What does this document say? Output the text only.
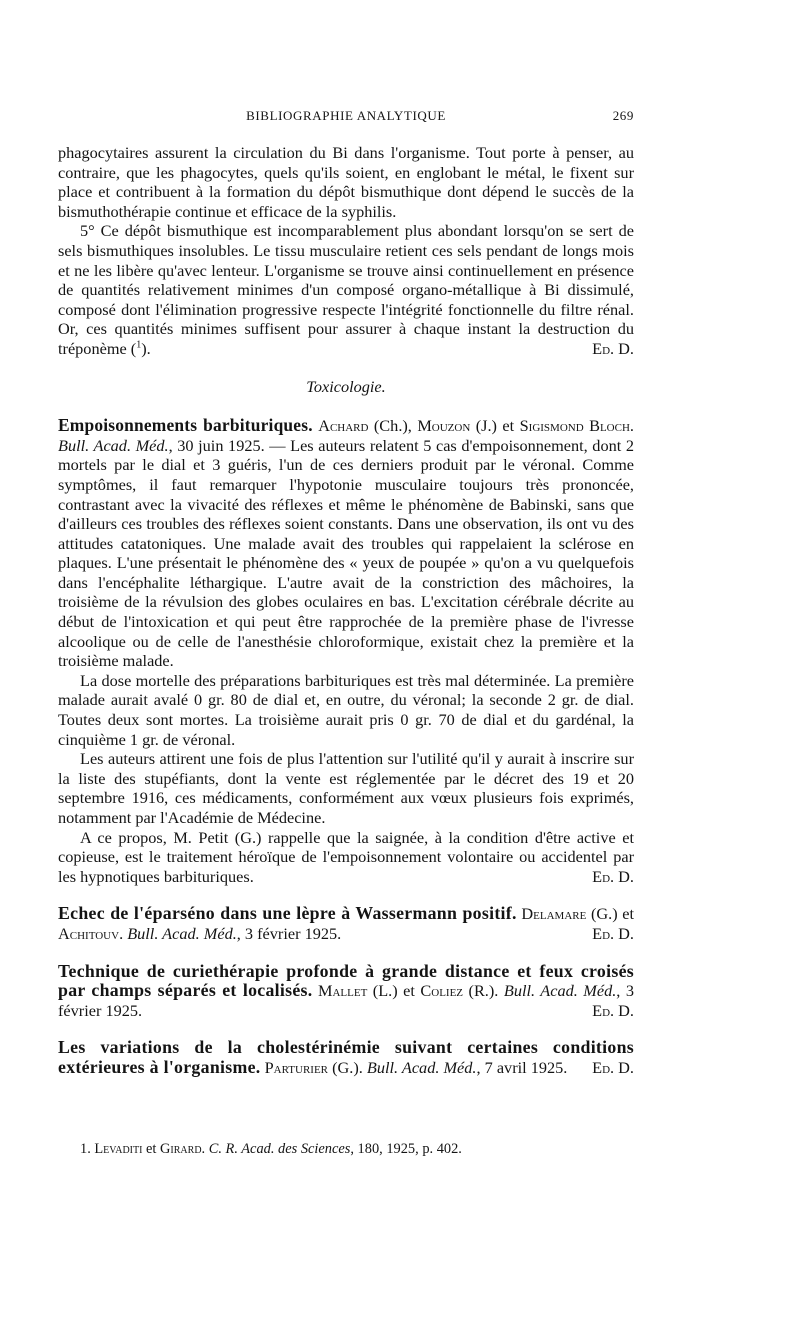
BIBLIOGRAPHIE ANALYTIQUE	269

phagocytaires assurent la circulation du Bi dans l'organisme. Tout porte à penser, au contraire, que les phagocytes, quels qu'ils soient, en englobant le métal, le fixent sur place et contribuent à la formation du dépôt bismuthique dont dépend le succès de la bismuthothérapie continue et efficace de la syphilis.

5° Ce dépôt bismuthique est incomparablement plus abondant lorsqu'on se sert de sels bismuthiques insolubles. Le tissu musculaire retient ces sels pendant de longs mois et ne les libère qu'avec lenteur. L'organisme se trouve ainsi continuellement en présence de quantités relativement minimes d'un composé organo-métallique à Bi dissimulé, composé dont l'élimination progressive respecte l'intégrité fonctionnelle du filtre rénal. Or, ces quantités minimes suffisent pour assurer à chaque instant la destruction du tréponème ($^1$).	Ed. D.

Toxicologie.

Empoisonnements barbituriques. Achard (Ch.), Mouzon (J.) et Sigismond Bloch. Bull. Acad. Méd., 30 juin 1925. — Les auteurs relatent 5 cas d'empoisonnement, dont 2 mortels par le dial et 3 guéris, l'un de ces derniers produit par le véronal. Comme symptômes, il faut remarquer l'hypotonie musculaire toujours très prononcée, contrastant avec la vivacité des réflexes et même le phénomène de Babinski, sans que d'ailleurs ces troubles des réflexes soient constants. Dans une observation, ils ont vu des attitudes catatoniques. Une malade avait des troubles qui rappelaient la sclérose en plaques. L'une présentait le phénomène des « yeux de poupée » qu'on a vu quelquefois dans l'encéphalite léthargique. L'autre avait de la constriction des mâchoires, la troisième de la révulsion des globes oculaires en bas. L'excitation cérébrale décrite au début de l'intoxication et qui peut être rapprochée de la première phase de l'ivresse alcoolique ou de celle de l'anesthésie chloroformique, existait chez la première et la troisième malade.

La dose mortelle des préparations barbituriques est très mal déterminée. La première malade aurait avalé 0 gr. 80 de dial et, en outre, du véronal; la seconde 2 gr. de dial. Toutes deux sont mortes. La troisième aurait pris 0 gr. 70 de dial et du gardénal, la cinquième 1 gr. de véronal.

Les auteurs attirent une fois de plus l'attention sur l'utilité qu'il y aurait à inscrire sur la liste des stupéfiants, dont la vente est réglementée par le décret des 19 et 20 septembre 1916, ces médicaments, conformément aux vœux plusieurs fois exprimés, notamment par l'Académie de Médecine.

A ce propos, M. Petit (G.) rappelle que la saignée, à la condition d'être active et copieuse, est le traitement héroïque de l'empoisonnement volontaire ou accidentel par les hypnotiques barbituriques.	Ed. D.

Echec de l'éparséno dans une lèpre à Wassermann positif. Delamare (G.) et Achitouv. Bull. Acad. Méd., 3 février 1925.	Ed. D.

Technique de curiethérapie profonde à grande distance et feux croisés par champs séparés et localisés. Mallet (L.) et Coliez (R.). Bull. Acad. Méd., 3 février 1925.	Ed. D.

Les variations de la cholestérinémie suivant certaines conditions extérieures à l'organisme. Parturier (G.). Bull. Acad. Méd., 7 avril 1925. Ed. D.

1. Levaditi et Girard. C. R. Acad. des Sciences, 180, 1925, p. 402.
